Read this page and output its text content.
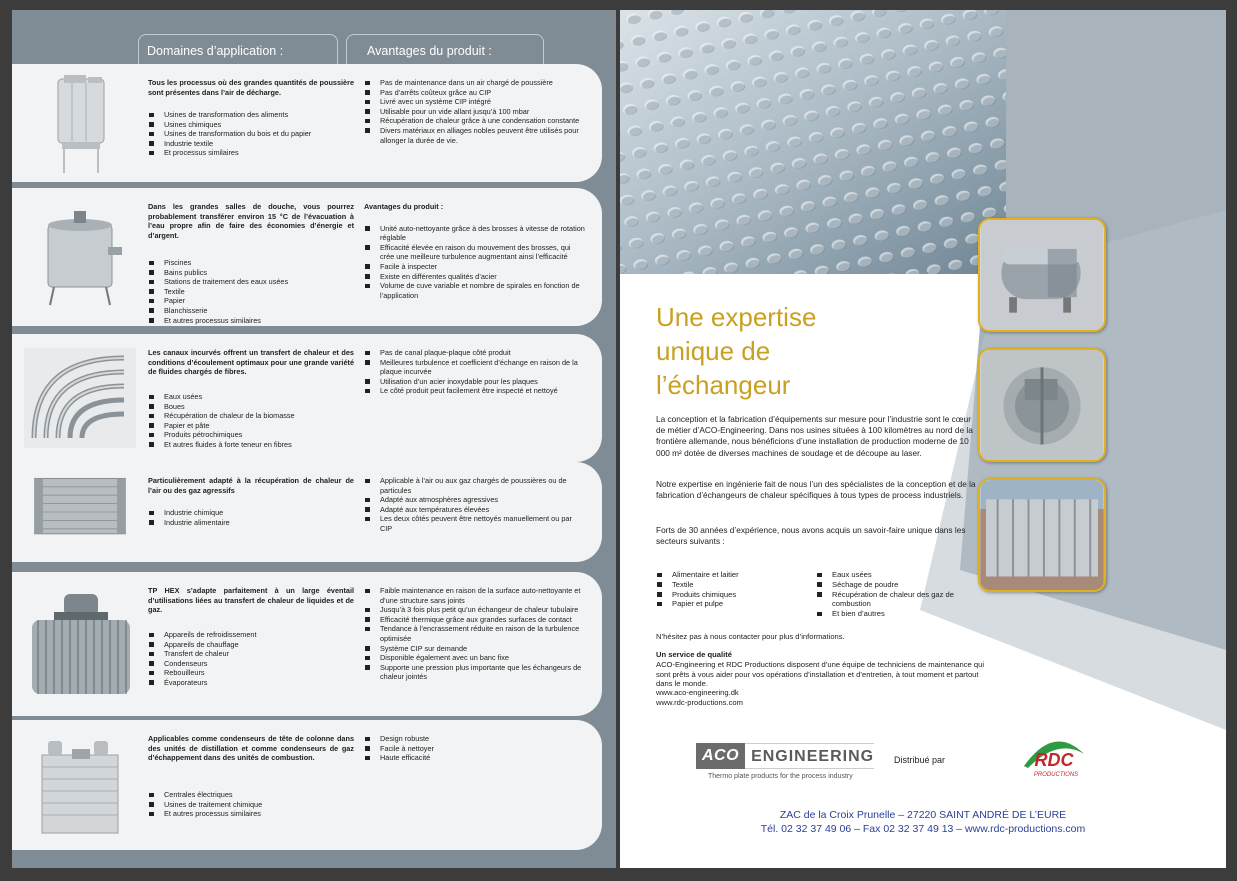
Domaines d’application :	Avantages du produit :
Tous les processus où des grandes quantités de poussière sont présentes dans l’air de décharge.
Usines de transformation des aliments
Usines chimiques
Usines de transformation du bois et du papier
Industrie textile
Et processus similaires
Pas de maintenance dans un air chargé de poussière
Pas d’arrêts coûteux grâce au CIP
Livré avec un système CIP intégré
Utilisable pour un vide allant jusqu’à 100 mbar
Récupération de chaleur grâce à une condensation constante
Divers matériaux en alliages nobles peuvent être utilisés pour allonger la durée de vie.
Dans les grandes salles de douche, vous pourrez probablement transférer environ 15 °C de l’évacuation à l’eau propre afin de faire des économies d’énergie et d’argent.
Piscines
Bains publics
Stations de traitement des eaux usées
Textile
Papier
Blanchisserie
Et autres processus similaires
Avantages du produit :
Unité auto-nettoyante grâce à des brosses à vitesse de rotation réglable
Efficacité élevée en raison du mouvement des brosses, qui crée une meilleure turbulence augmentant ainsi l’efficacité
Facile à inspecter
Existe en différentes qualités d’acier
Volume de cuve variable et nombre de spirales en fonction de l’application
Les canaux incurvés offrent un transfert de chaleur et des conditions d’écoulement optimaux pour une grande variété de fluides chargés de fibres.
Eaux usées
Boues
Récupération de chaleur de la biomasse
Papier et pâte
Produits pétrochimiques
Et autres fluides à forte teneur en fibres
Pas de canal plaque-plaque côté produit
Meilleures turbulence et coefficient d’échange en raison de la plaque incurvée
Utilisation d’un acier inoxydable pour les plaques
Le côté produit peut facilement être inspecté et nettoyé
Particulièrement adapté à la récupération de chaleur de l’air ou des gaz agressifs
Industrie chimique
Industrie alimentaire
Applicable à l’air ou aux gaz chargés de poussières ou de particules
Adapté aux atmosphères agressives
Adapté aux températures élevées
Les deux côtés peuvent être nettoyés manuellement ou par CIP
TP HEX s’adapte parfaitement à un large éventail d’utilisations liées au transfert de chaleur de liquides et de gaz.
Appareils de refroidissement
Appareils de chauffage
Transfert de chaleur
Condenseurs
Rebouilleurs
Évaporateurs
Faible maintenance en raison de la surface auto-nettoyante et d’une structure sans joints
Jusqu’à 3 fois plus petit qu’un échangeur de chaleur tubulaire
Efficacité thermique grâce aux grandes surfaces de contact
Tendance à l’encrassement réduite en raison de la turbulence optimisée
Système CIP sur demande
Disponible également avec un banc fixe
Supporte une pression plus importante que les échangeurs de chaleur jointés
Applicables comme condenseurs de tête de colonne dans des unités de distillation et comme condenseurs de gaz d’échappement dans des unités de combustion.
Centrales électriques
Usines de traitement chimique
Et autres processus similaires
Design robuste
Facile à nettoyer
Haute efficacité
Une expertise
unique de
l’échangeur
La conception et la fabrication d’équipements sur mesure pour l’industrie sont le cœur de métier d’ACO-Engineering. Dans nos usines situées à 100 kilomètres au nord de la frontière allemande, nous bénéficions d’une installation de production moderne de 10 000 m² dotée de diverses machines de soudage et de découpe au laser.
Notre expertise en ingénierie fait de nous l’un des spécialistes de la conception et de la fabrication d’échangeurs de chaleur spécifiques à tous types de process industriels.
Forts de 30 années d’expérience, nous avons acquis un savoir-faire unique dans les secteurs suivants :
Alimentaire et laitier
Textile
Produits chimiques
Papier et pulpe
Eaux usées
Séchage de poudre
Récupération de chaleur des gaz de combustion
Et bien d’autres
N’hésitez pas à nous contacter pour plus d’informations.
Un service de qualité
ACO-Engineering et RDC Productions disposent d’une équipe de techniciens de maintenance qui sont prêts à vous aider pour vos opérations d’installation et d’entretien, à tout moment et partout dans le monde.
www.aco-engineering.dk
www.rdc-productions.com
ACO ENGINEERING
Thermo plate products for the process industry
Distribué par	RDC
PRODUCTIONS
ZAC de la Croix Prunelle – 27220 SAINT ANDRÉ DE L’EURE
Tél. 02 32 37 49 06 – Fax 02 32 37 49 13 – www.rdc-productions.com
